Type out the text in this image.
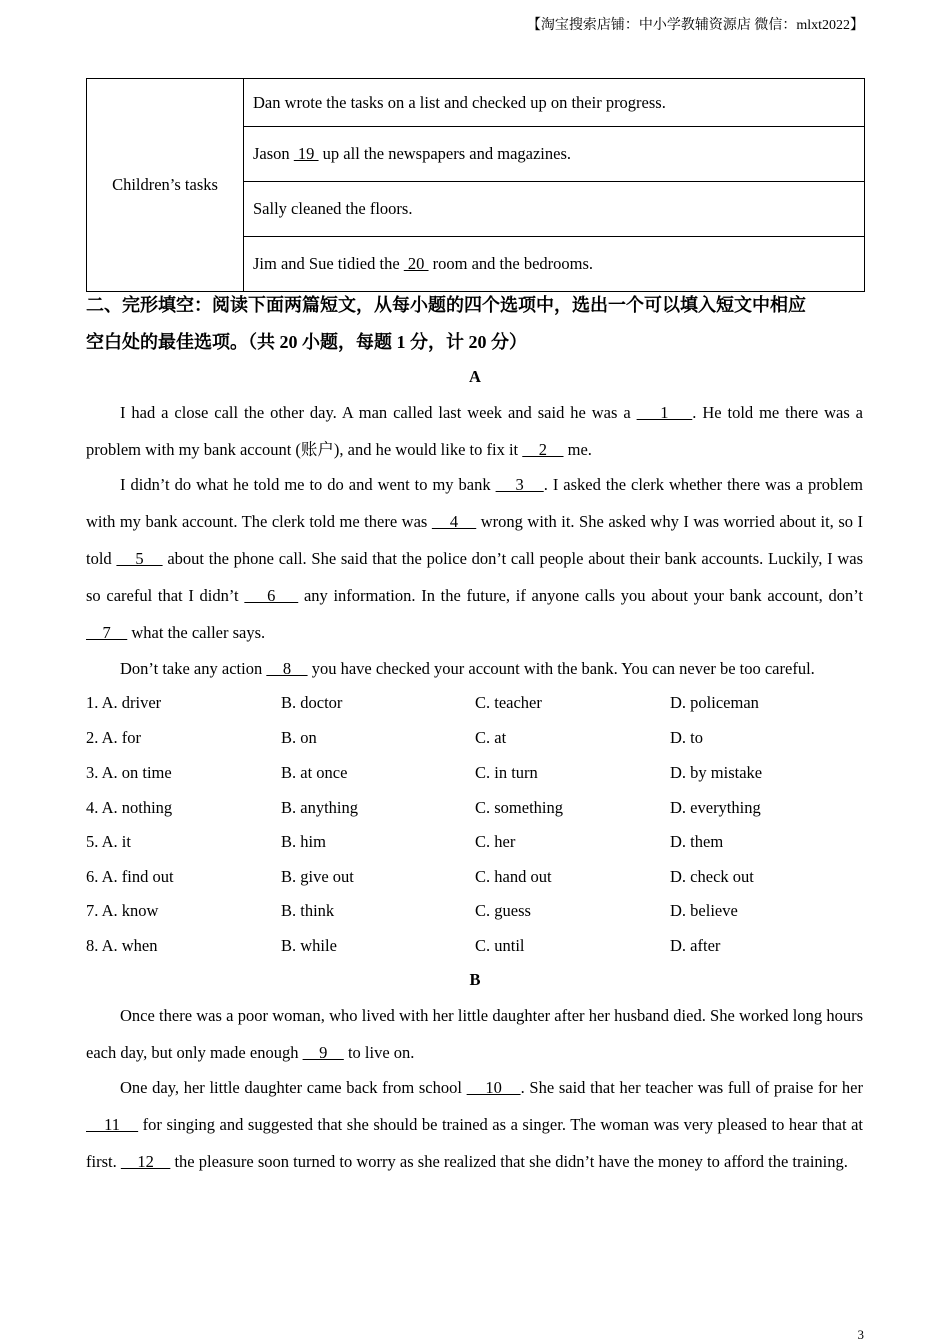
【淘宝搜索店铺：中小学教辅资源店 微信：mlxt2022】
Children’s tasks	Dan wrote the tasks on a list and checked up on their progress.
Jason  19  up all the newspapers and magazines.
Sally cleaned the floors.
Jim and Sue tidied the  20  room and the bedrooms.
二、完形填空：阅读下面两篇短文，从每小题的四个选项中，选出一个可以填入短文中相应
空白处的最佳选项。（共 20 小题，每题 1 分，计 20 分）
A
I had a close call the other day. A man called last week and said he was a     1    . He told me there was a problem with my bank account (账户), and he would like to fix it     2     me.
I didn’t do what he told me to do and went to my bank     3    . I asked the clerk whether there was a problem with my bank account. The clerk told me there was     4     wrong with it. She asked why I was worried about it, so I told     5     about the phone call. She said that the police don’t call people about their bank accounts. Luckily, I was so careful that I didn’t     6     any information. In the future, if anyone calls you about your bank account, don’t     7     what the caller says.
Don’t take any action     8     you have checked your account with the bank. You can never be too careful.
1. A. driver	B. doctor	C. teacher	D. policeman
2. A. for	B. on	C. at	D. to
3. A. on time	B. at once	C. in turn	D. by mistake
4. A. nothing	B. anything	C. something	D. everything
5. A. it	B. him	C. her	D. them
6. A. find out	B. give out	C. hand out	D. check out
7. A. know	B. think	C. guess	D. believe
8. A. when	B. while	C. until	D. after
B
Once there was a poor woman, who lived with her little daughter after her husband died. She worked long hours each day, but only made enough     9     to live on.
One day, her little daughter came back from school     10    . She said that her teacher was full of praise for her     11     for singing and suggested that she should be trained as a singer. The woman was very pleased to hear that at first.     12     the pleasure soon turned to worry as she realized that she didn’t have the money to afford the training.
3
